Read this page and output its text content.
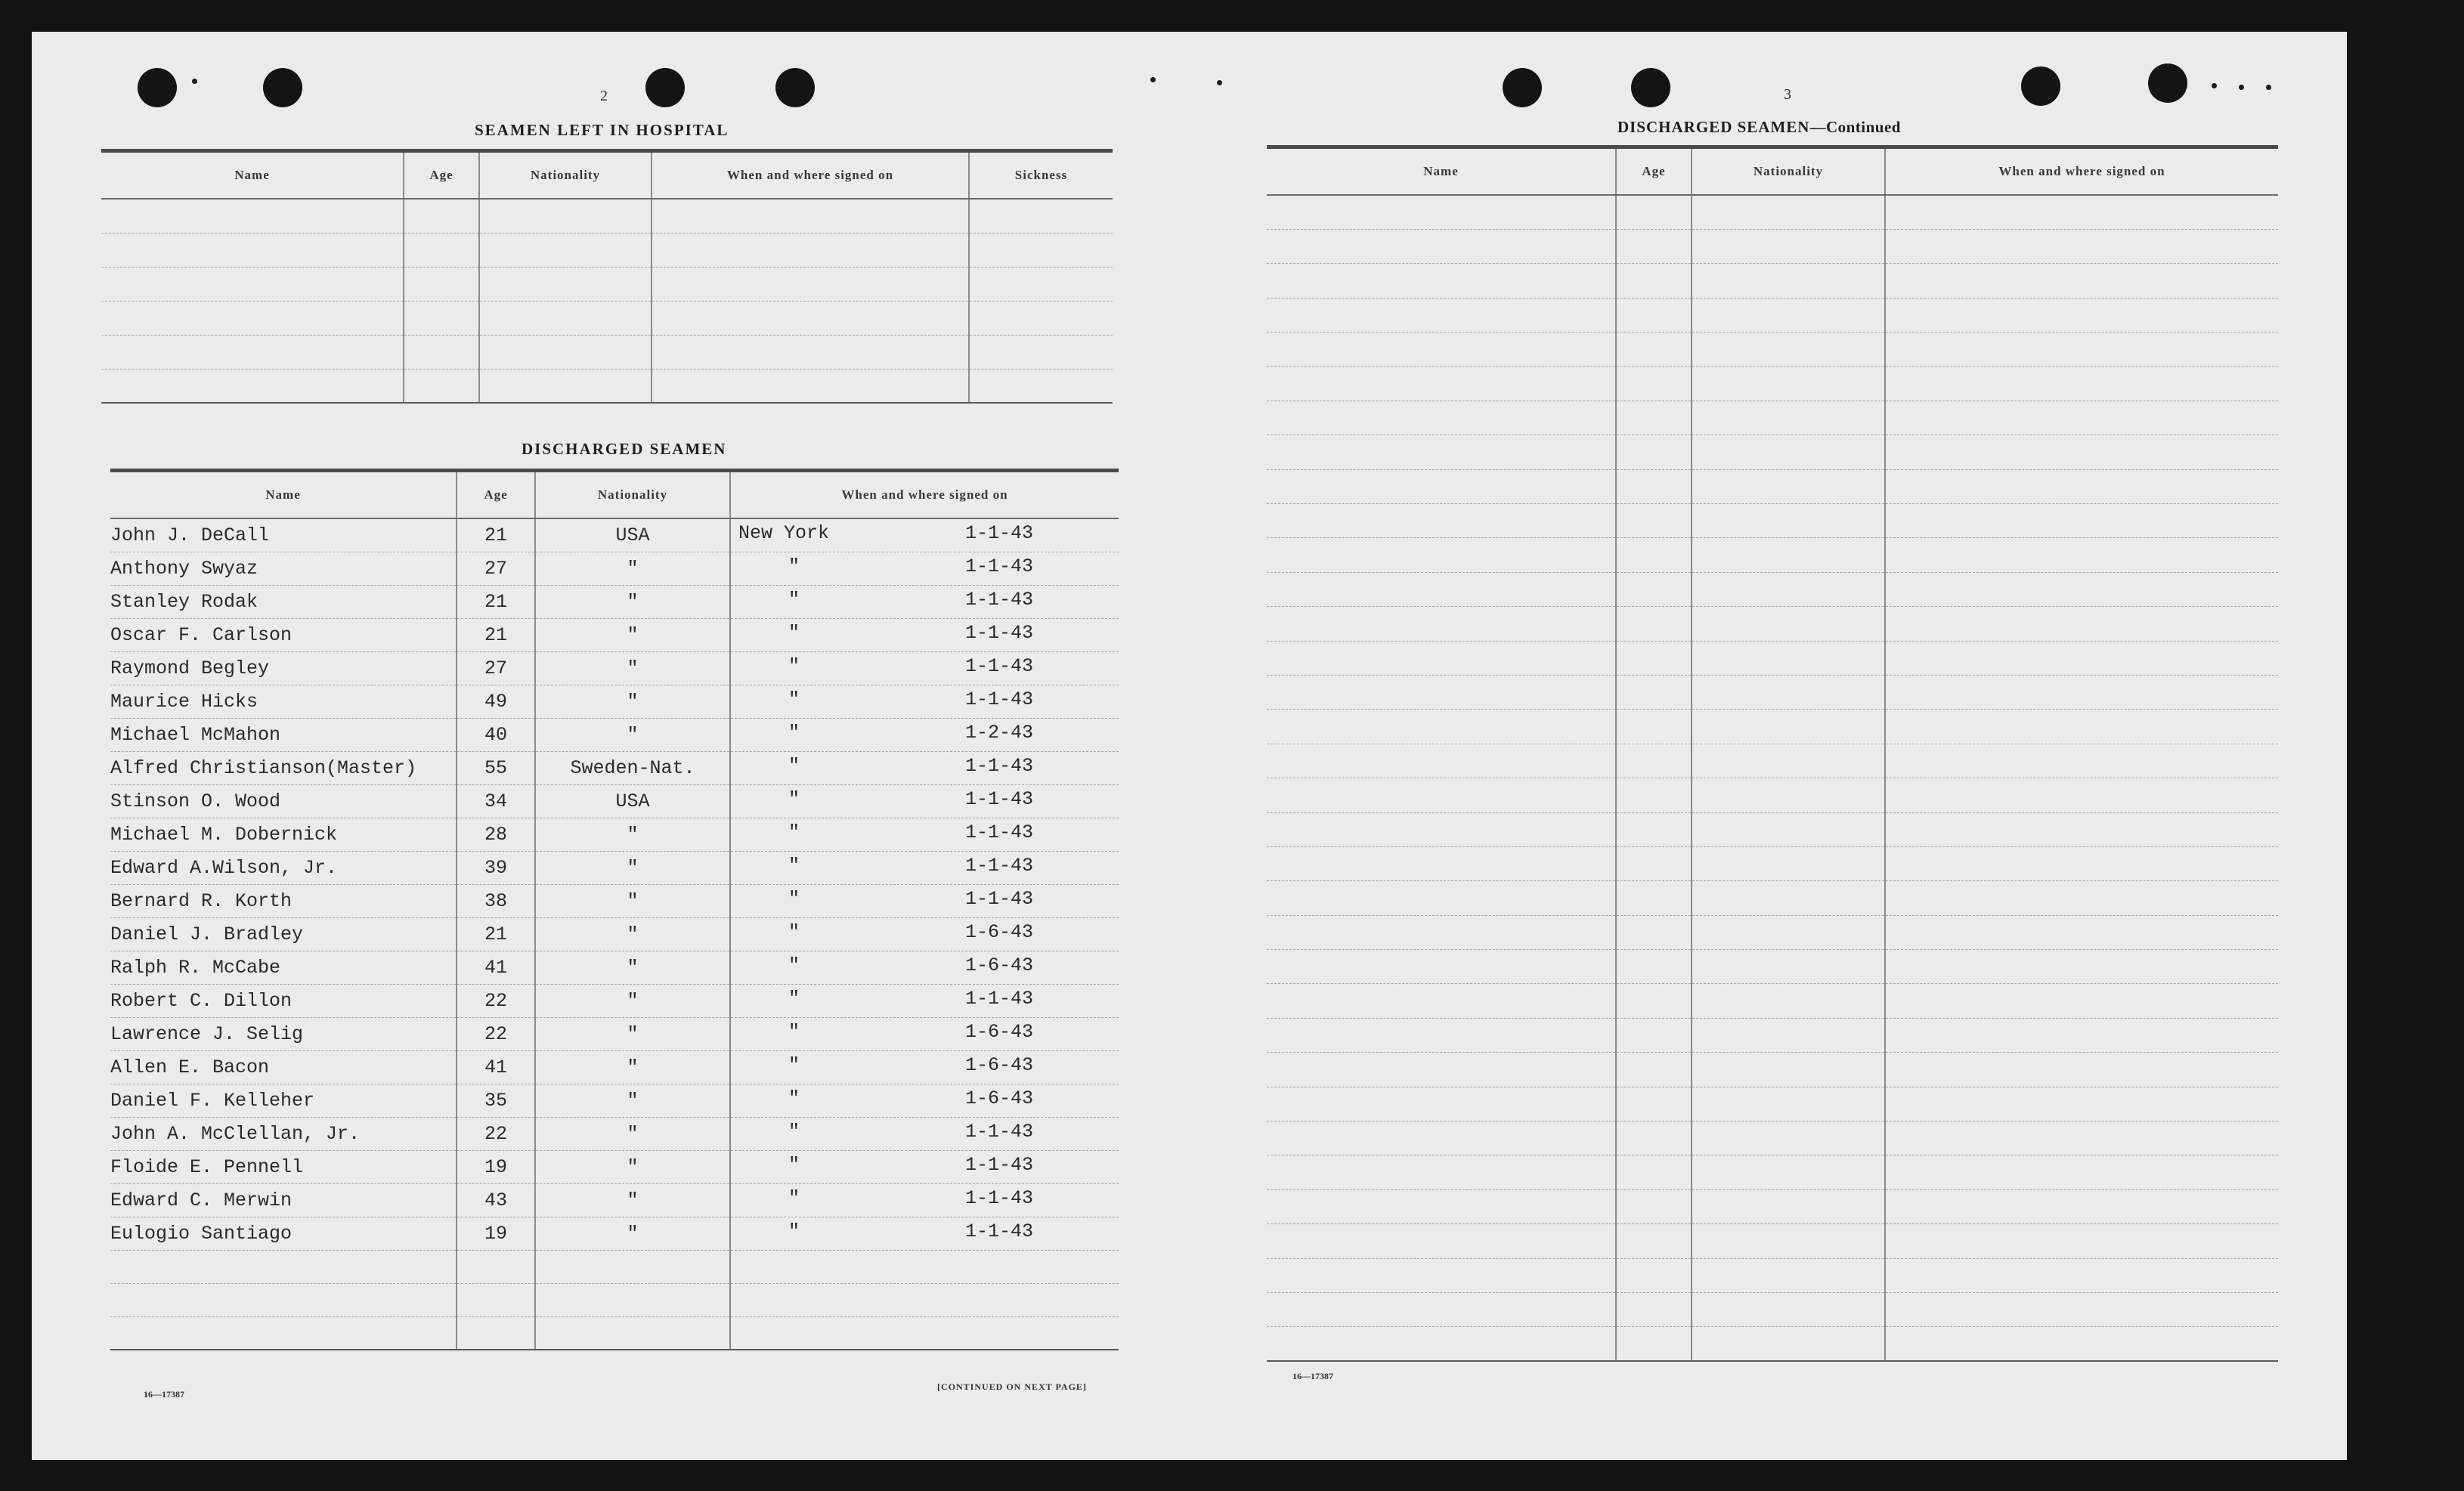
2
SEAMEN LEFT IN HOSPITAL
Name	Age	Nationality	When and where signed on	Sickness

DISCHARGED SEAMEN
Name	Age	Nationality	When and where signed on
John J. DeCall	21	USA	New York 1-1-43

Anthony Swyaz	27	"	" 1-1-43

Stanley Rodak	21	"	" 1-1-43

Oscar F. Carlson	21	"	" 1-1-43

Raymond Begley	27	"	" 1-1-43

Maurice Hicks	49	"	" 1-1-43

Michael McMahon	40	"	" 1-2-43

Alfred Christianson(Master)	55	Sweden-Nat.	" 1-1-43

Stinson O. Wood	34	USA	" 1-1-43

Michael M. Dobernick	28	"	" 1-1-43

Edward A.Wilson, Jr.	39	"	" 1-1-43

Bernard R. Korth	38	"	" 1-1-43

Daniel J. Bradley	21	"	" 1-6-43

Ralph R. McCabe	41	"	" 1-6-43

Robert C. Dillon	22	"	" 1-1-43

Lawrence J. Selig	22	"	" 1-6-43

Allen E. Bacon	41	"	" 1-6-43

Daniel F. Kelleher	35	"	" 1-6-43

John A. McClellan, Jr.	22	"	" 1-1-43

Floide E. Pennell	19	"	" 1-1-43

Edward C. Merwin	43	"	" 1-1-43

Eulogio Santiago	19	"	" 1-1-43

16—17387
[CONTINUED ON NEXT PAGE]
3
DISCHARGED SEAMEN—Continued
Name	Age	Nationality	When and where signed on

16—17387
